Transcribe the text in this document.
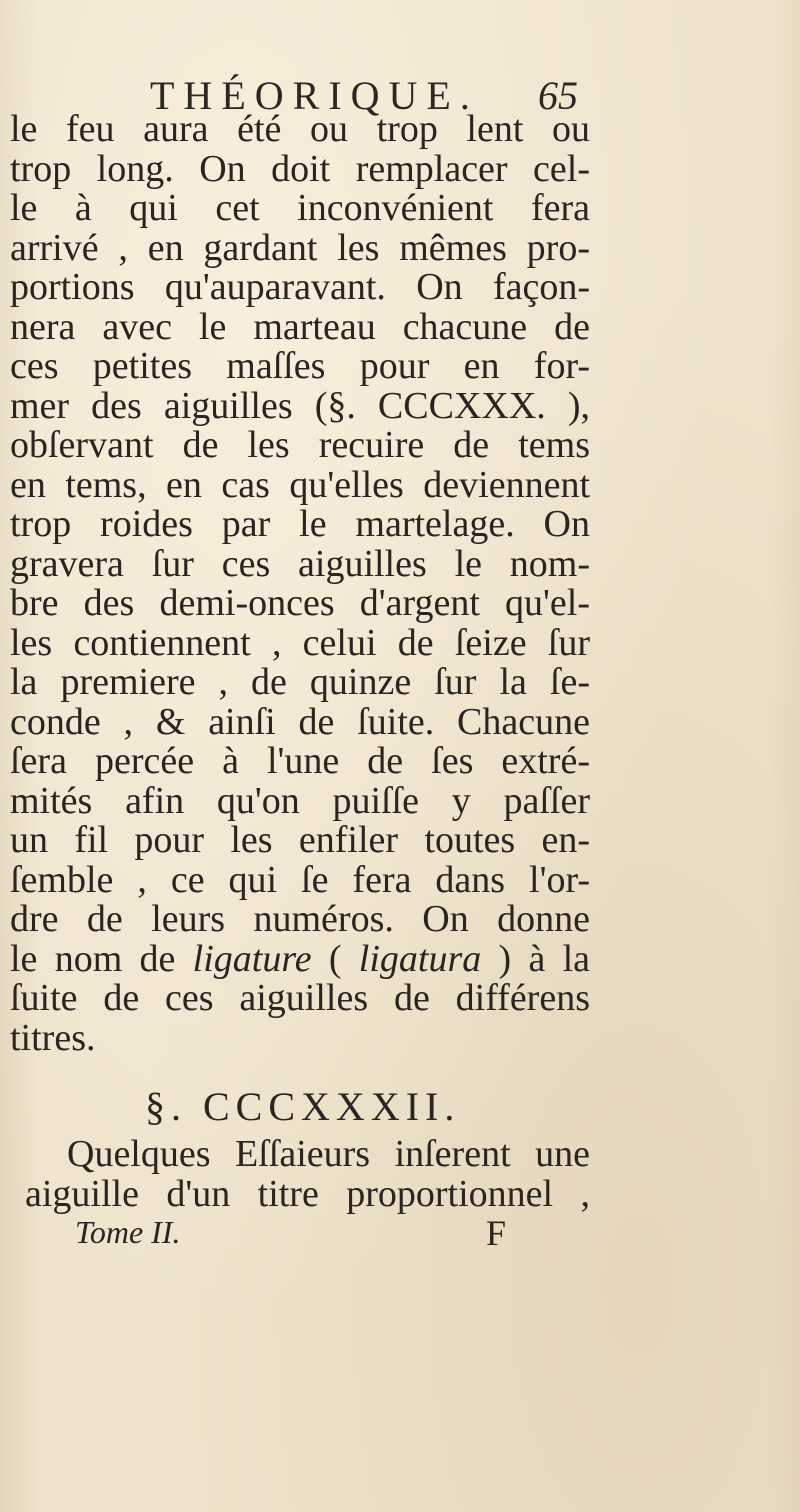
THÉORIQUE. 65
le feu aura été ou trop lent ou
trop long. On doit remplacer cel-
le à qui cet inconvénient fera
arrivé , en gardant les mêmes pro-
portions qu'auparavant. On façon-
nera avec le marteau chacune de
ces petites maſſes pour en for-
mer des aiguilles (§. CCCXXX. ),
obſervant de les recuire de tems
en tems, en cas qu'elles deviennent
trop roides par le martelage. On
gravera ſur ces aiguilles le nom-
bre des demi-onces d'argent qu'el-
les contiennent , celui de ſeize ſur
la premiere , de quinze ſur la ſe-
conde , & ainſi de ſuite. Chacune
ſera percée à l'une de ſes extré-
mités afin qu'on puiſſe y paſſer
un fil pour les enfiler toutes en-
ſemble , ce qui ſe fera dans l'or-
dre de leurs numéros. On donne
le nom de ligature ( ligatura ) à la
ſuite de ces aiguilles de différens
titres.
§. CCCXXXII.
Quelques Eſſaieurs inſerent une
aiguille d'un titre proportionnel ,
Tome II.	F
